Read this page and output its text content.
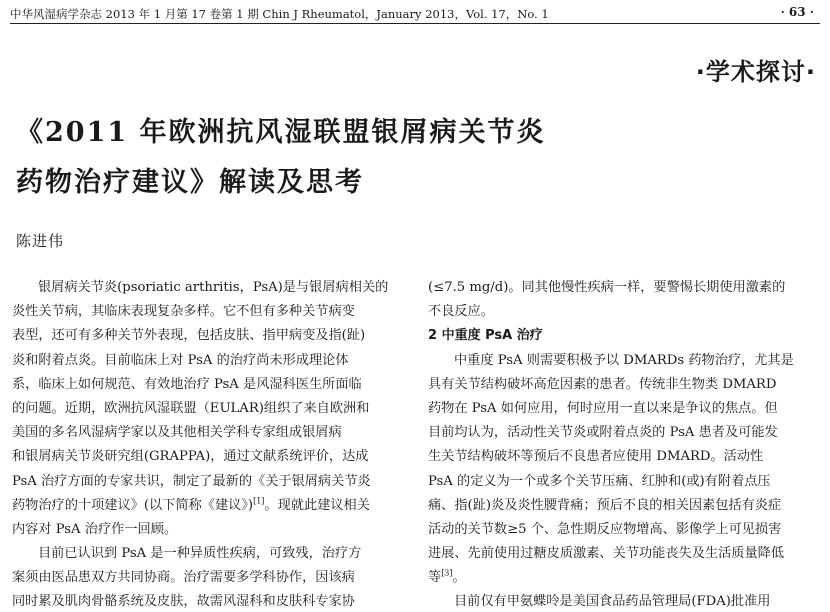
中华风湿病学杂志 2013 年 1 月第 17 卷第 1 期 Chin J Rheumatol，January 2013，Vol. 17，No. 1	· 63 ·
·学术探讨·
《2011 年欧洲抗风湿联盟银屑病关节炎
药物治疗建议》解读及思考
陈进伟
银屑病关节炎(psoriatic arthritis，PsA)是与银屑病相关的
炎性关节病，其临床表现复杂多样。它不但有多种关节病变
表型，还可有多种关节外表现，包括皮肤、指甲病变及指(趾)
炎和附着点炎。目前临床上对 PsA 的治疗尚未形成理论体
系，临床上如何规范、有效地治疗 PsA 是风湿科医生所面临
的问题。近期，欧洲抗风湿联盟（EULAR)组织了来自欧洲和
美国的多名风湿病学家以及其他相关学科专家组成银屑病
和银屑病关节炎研究组(GRAPPA)，通过文献系统评价，达成
PsA 治疗方面的专家共识，制定了最新的《关于银屑病关节炎
药物治疗的十项建议》(以下简称《建议》)[1]。现就此建议相关
内容对 PsA 治疗作一回顾。
目前已认识到 PsA 是一种异质性疾病，可致残，治疗方
案须由医品患双方共同协商。治疗需要多学科协作，因该病
同时累及肌肉骨骼系统及皮肤，故需风湿科和皮肤科专家协
(≤7.5 mg/d)。同其他慢性疾病一样，要警惕长期使用激素的
不良反应。
2 中重度 PsA 治疗
中重度 PsA 则需要积极予以 DMARDs 药物治疗，尤其是
具有关节结构破坏高危因素的患者。传统非生物类 DMARD
药物在 PsA 如何应用，何时应用一直以来是争议的焦点。但
目前均认为，活动性关节炎或附着点炎的 PsA 患者及可能发
生关节结构破坏等预后不良患者应使用 DMARD。活动性
PsA 的定义为一个或多个关节压痛、红肿和(或)有附着点压
痛、指(趾)炎及炎性腰背痛；预后不良的相关因素包括有炎症
活动的关节数≥5 个、急性期反应物增高、影像学上可见损害
进展、先前使用过糖皮质激素、关节功能丧失及生活质量降低
等[3]。
目前仅有甲氨蝶呤是美国食品药品管理局(FDA)批准用
